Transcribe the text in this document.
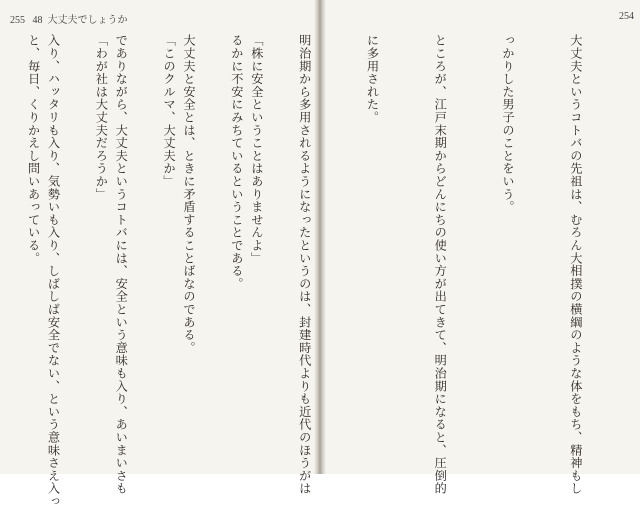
255 48 大丈夫でしょうか

「株に安全ということはありませんよ」

大丈夫と安全とは、ときに矛盾することばなのである。

でありながら、大丈夫というコトバには、安全という意味も入り、あいまいさも

入り、ハッタリも入り、気勢いも入り、しばしば安全でない、という意味さえ入っ

254

大丈夫というコトバの先祖は、むろん大相撲の横綱のような体をもち、精神もし

っかりした男子のことをいう。

ところが、江戸末期からどんにちの使い方が出てきて、明治期になると、圧倒的

に多用された。

明治期から多用されるようになったというのは、封建時代よりも近代のほうがは

るかに不安にみちているということである。

「このクルマ、大丈夫か」

「わが社は大丈夫だろうか」

と、毎日、くりかえし問いあっている。
